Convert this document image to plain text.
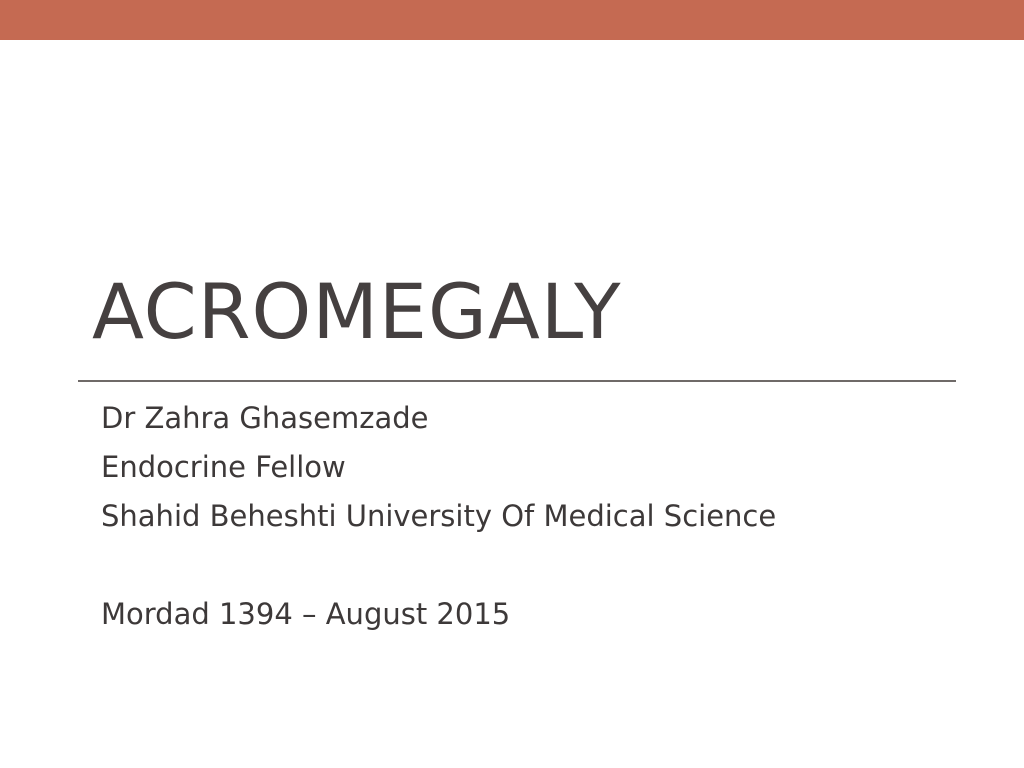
ACROMEGALY
Dr Zahra Ghasemzade
Endocrine Fellow
Shahid Beheshti University Of Medical Science
Mordad 1394 – August 2015
